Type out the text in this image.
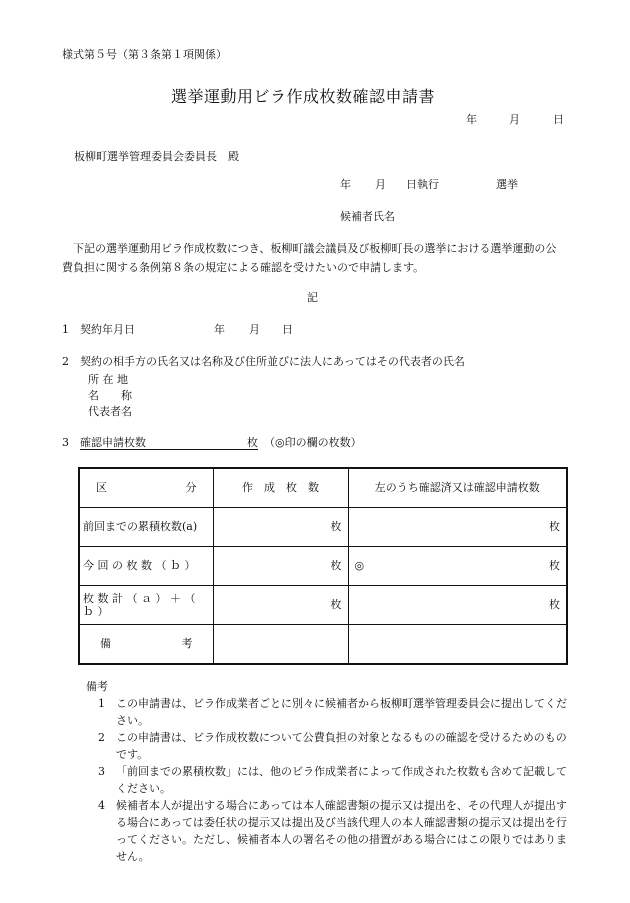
様式第５号（第３条第１項関係）
選挙運動用ビラ作成枚数確認申請書
年	月	日
板柳町選挙管理委員会委員長　殿
年 月 日執行	選挙
候補者氏名
下記の選挙運動用ビラ作成枚数につき、板柳町議会議員及び板柳町長の選挙における選挙運動の公費負担に関する条例第８条の規定による確認を受けたいので申請します。
記
1 契約年月日	年 月 日
2 契約の相手方の氏名又は名称及び住所並びに法人にあってはその代表者の氏名
所 在 地
名　　称
代表者名
3 確認申請枚数	枚 （◎印の欄の枚数）
区 分	作　成　枚　数	左のうち確認済又は確認申請枚数
前回までの累積枚数(a)	枚	枚

今 回 の 枚 数 （ ｂ ）	枚	◎ 枚

枚 数 計 （ ａ ） ＋ （ ｂ ）	枚	枚

備 考		

備考
1 この申請書は、ビラ作成業者ごとに別々に候補者から板柳町選挙管理委員会に提出してください。
2 この申請書は、ビラ作成枚数について公費負担の対象となるものの確認を受けるためのものです。
3 「前回までの累積枚数」には、他のビラ作成業者によって作成された枚数も含めて記載してください。
4 候補者本人が提出する場合にあっては本人確認書類の提示又は提出を、その代理人が提出する場合にあっては委任状の提示又は提出及び当該代理人の本人確認書類の提示又は提出を行ってください。ただし、候補者本人の署名その他の措置がある場合にはこの限りではありません。
